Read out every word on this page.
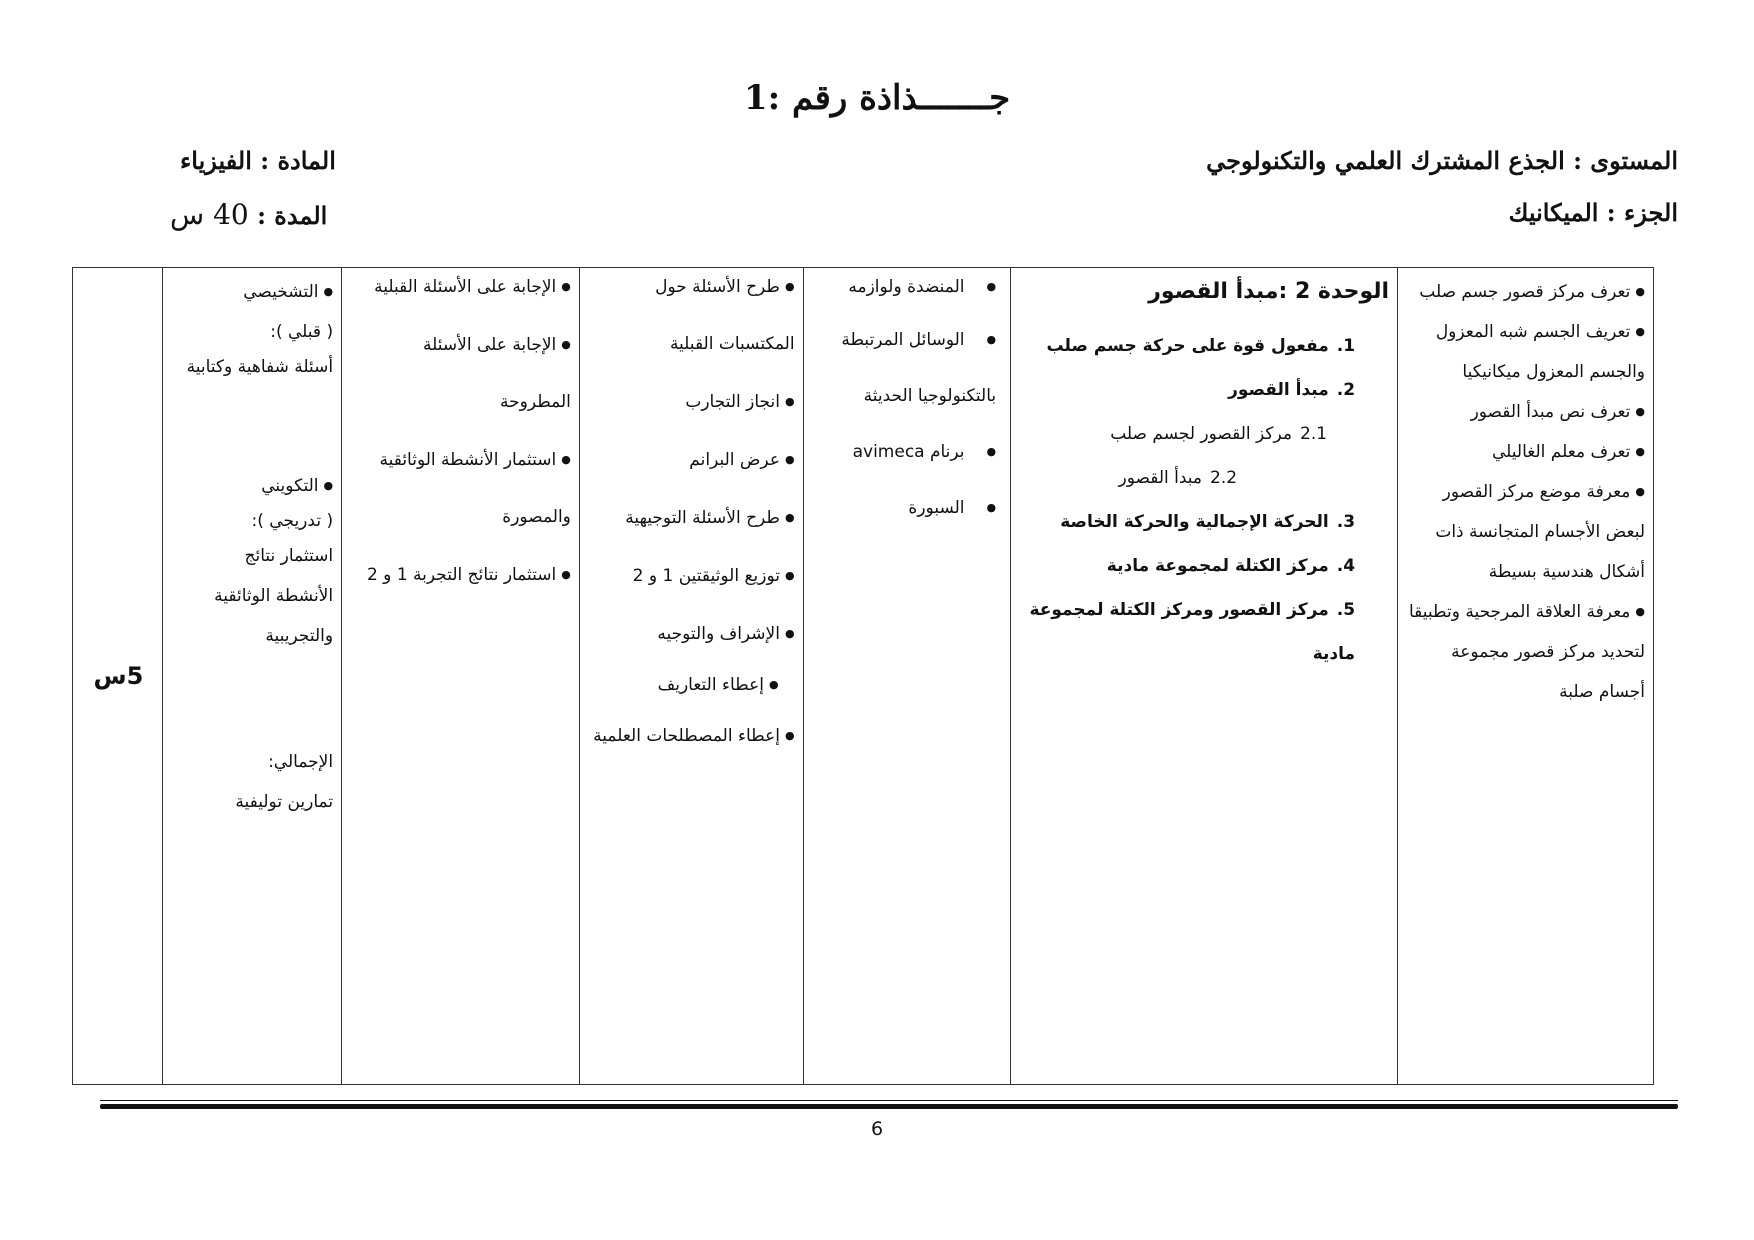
جـــــــذاذة رقم :1
المستوى : الجذع المشترك العلمي والتكنولوجي
الجزء : الميكانيك
المادة : الفيزياء
المدة : 40 س
● تعرف مركز قصور جسم صلب
● تعريف الجسم شبه المعزول والجسم المعزول ميكانيكيا
● تعرف نص مبدأ القصور
● تعرف معلم الغاليلي
● معرفة موضع مركز القصور لبعض الأجسام المتجانسة ذات أشكال هندسية بسيطة
● معرفة العلاقة المرجحية وتطبيقا لتحديد مركز قصور مجموعة أجسام صلبة

الوحدة 2 :مبدأ القصور
1.مفعول قوة على حركة جسم صلب
2.مبدأ القصور
2.1مركز القصور لجسم صلب
2.2مبدأ القصور
3.الحركة الإجمالية والحركة الخاصة
4.مركز الكتلة لمجموعة مادية
5.مركز القصور ومركز الكتلة لمجموعة مادية

● المنضدة ولوازمه
● الوسائل المرتبطة بالتكنولوجيا الحديثة
● برنام avimeca
● السبورة

● طرح الأسئلة حول المكتسبات القبلية
● انجاز التجارب
● عرض البرانم
● طرح الأسئلة التوجيهية
● توزيع الوثيقتين 1 و 2
● الإشراف والتوجيه
● إعطاء التعاريف
● إعطاء المصطلحات العلمية

● الإجابة على الأسئلة القبلية
● الإجابة على الأسئلة المطروحة
● استثمار الأنشطة الوثائقية والمصورة
● استثمار نتائج التجربة 1 و 2

● التشخيصي
( قبلي ):
أسئلة شفاهية وكتابية
● التكويني
( تدريجي ):
استثمار نتائج الأنشطة الوثائقية والتجريبية
الإجمالي:
تمارين توليفية
	5س
6
